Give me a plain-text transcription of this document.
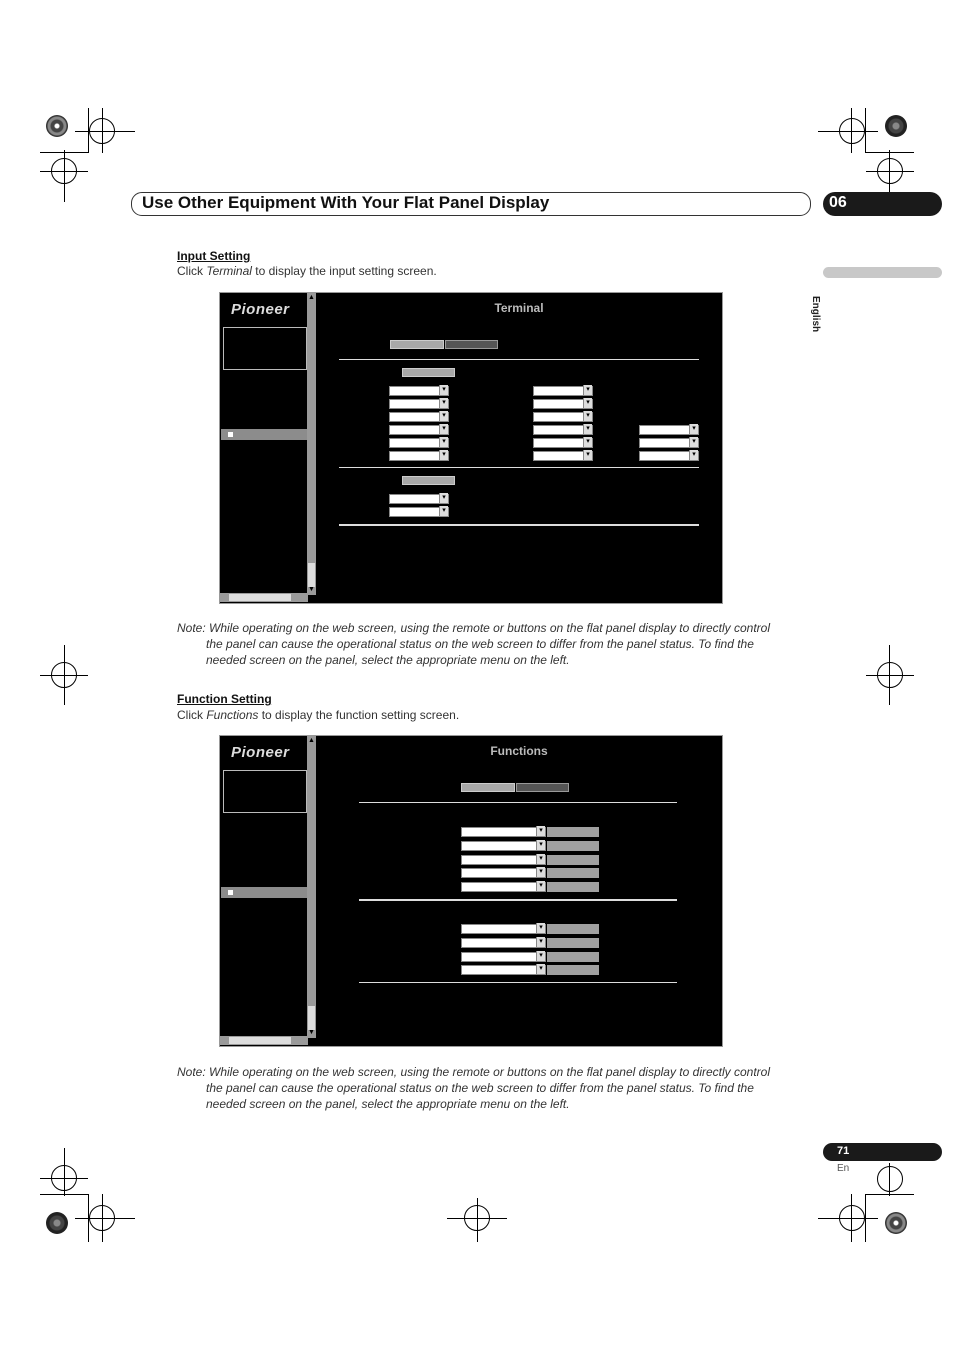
Use Other Equipment With Your Flat Panel Display	06
English
Input Setting
Click Terminal to display the input setting screen.
Pioneer
▲
▼
Terminal
▾
▾
▾
▾
▾
▾
▾
▾
▾
▾
▾
▾
▾
▾
▾
▾
▾
Note: While operating on the web screen, using the remote or buttons on the flat panel display to directly control
the panel can cause the operational status on the web screen to differ from the panel status. To find the
needed screen on the panel, select the appropriate menu on the left.
Function Setting
Click Functions to display the function setting screen.
Pioneer
▲
▼
Functions
▾
▾
▾
▾
▾
▾
▾
▾
▾
Note: While operating on the web screen, using the remote or buttons on the flat panel display to directly control
the panel can cause the operational status on the web screen to differ from the panel status. To find the
needed screen on the panel, select the appropriate menu on the left.
71
En
